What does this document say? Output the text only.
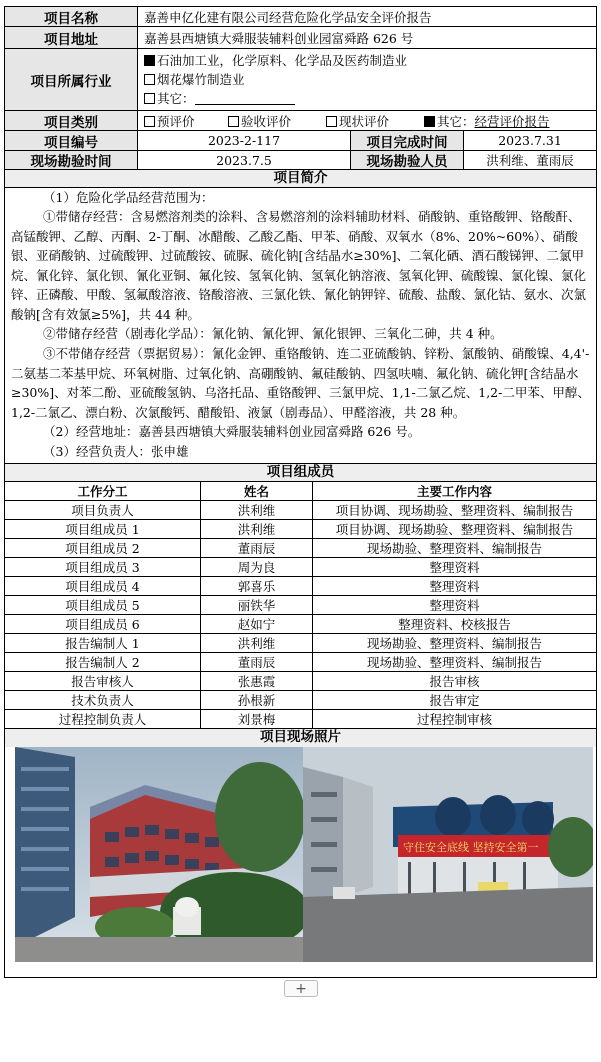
项目名称	嘉善申亿化建有限公司经营危险化学品安全评价报告
项目地址	嘉善县西塘镇大舜服装辅料创业园富舜路 626 号
项目所属行业
石油加工业，化学原料、化学品及医药制造业
烟花爆竹制造业
其它：
项目类别	预评价	验收评价	现状评价	其它：经营评价报告
项目编号	2023-2-117	项目完成时间	2023.7.31
现场勘验时间	2023.7.5	现场勘验人员	洪利维、董雨辰
项目简介
（1）危险化学品经营范围为：
①带储存经营：含易燃溶剂类的涂料、含易燃溶剂的涂料辅助材料、硝酸钠、重铬酸钾、铬酸酐、高锰酸钾、乙醇、丙酮、2-丁酮、冰醋酸、乙酸乙酯、甲苯、硝酸、双氧水（8%、20%~60%）、硝酸银、亚硝酸钠、过硫酸钾、过硫酸铵、硫脲、硫化钠[含结晶水≥30%]、二氧化硒、酒石酸锑钾、二氯甲烷、氰化锌、氯化钡、氰化亚铜、氟化铵、氢氧化钠、氢氧化钠溶液、氢氧化钾、硫酸镍、氯化镍、氯化锌、正磷酸、甲酸、氢氟酸溶液、铬酸溶液、三氯化铁、氰化钠钾锌、硫酸、盐酸、氯化钴、氨水、次氯酸钠[含有效氯≥5%]，共 44 种。
②带储存经营（剧毒化学品）：氰化钠、氰化钾、氰化银钾、三氧化二砷，共 4 种。
③不带储存经营（票据贸易）：氰化金钾、重铬酸钠、连二亚硫酸钠、锌粉、氯酸钠、硝酸镍、4,4'-二氨基二苯基甲烷、环氧树脂、过氧化钠、高硼酸钠、氟硅酸钠、四氢呋喃、氟化钠、硫化钾[含结晶水≥30%]、对苯二酚、亚硫酸氢钠、乌洛托品、重铬酸钾、三氯甲烷、1,1-二氯乙烷、1,2-二甲苯、甲醇、1,2-二氯乙、漂白粉、次氯酸钙、醋酸铅、液氯（剧毒品）、甲醛溶液，共 28 种。
（2）经营地址：嘉善县西塘镇大舜服装辅料创业园富舜路 626 号。
（3）经营负责人：张申雄
项目组成员
工作分工	姓名	主要工作内容
项目负责人	洪利维	项目协调、现场勘验、整理资料、编制报告
项目组成员 1	洪利维	项目协调、现场勘验、整理资料、编制报告
项目组成员 2	董雨辰	现场勘验、整理资料、编制报告
项目组成员 3	周为良	整理资料
项目组成员 4	郭喜乐	整理资料
项目组成员 5	丽铁华	整理资料
项目组成员 6	赵如宁	整理资料、校核报告
报告编制人 1	洪利维	现场勘验、整理资料、编制报告
报告编制人 2	董雨辰	现场勘验、整理资料、编制报告
报告审核人	张惠霞	报告审核
技术负责人	孙根新	报告审定
过程控制负责人	刘景梅	过程控制审核
项目现场照片
守住安全底线 坚持安全第一
+
